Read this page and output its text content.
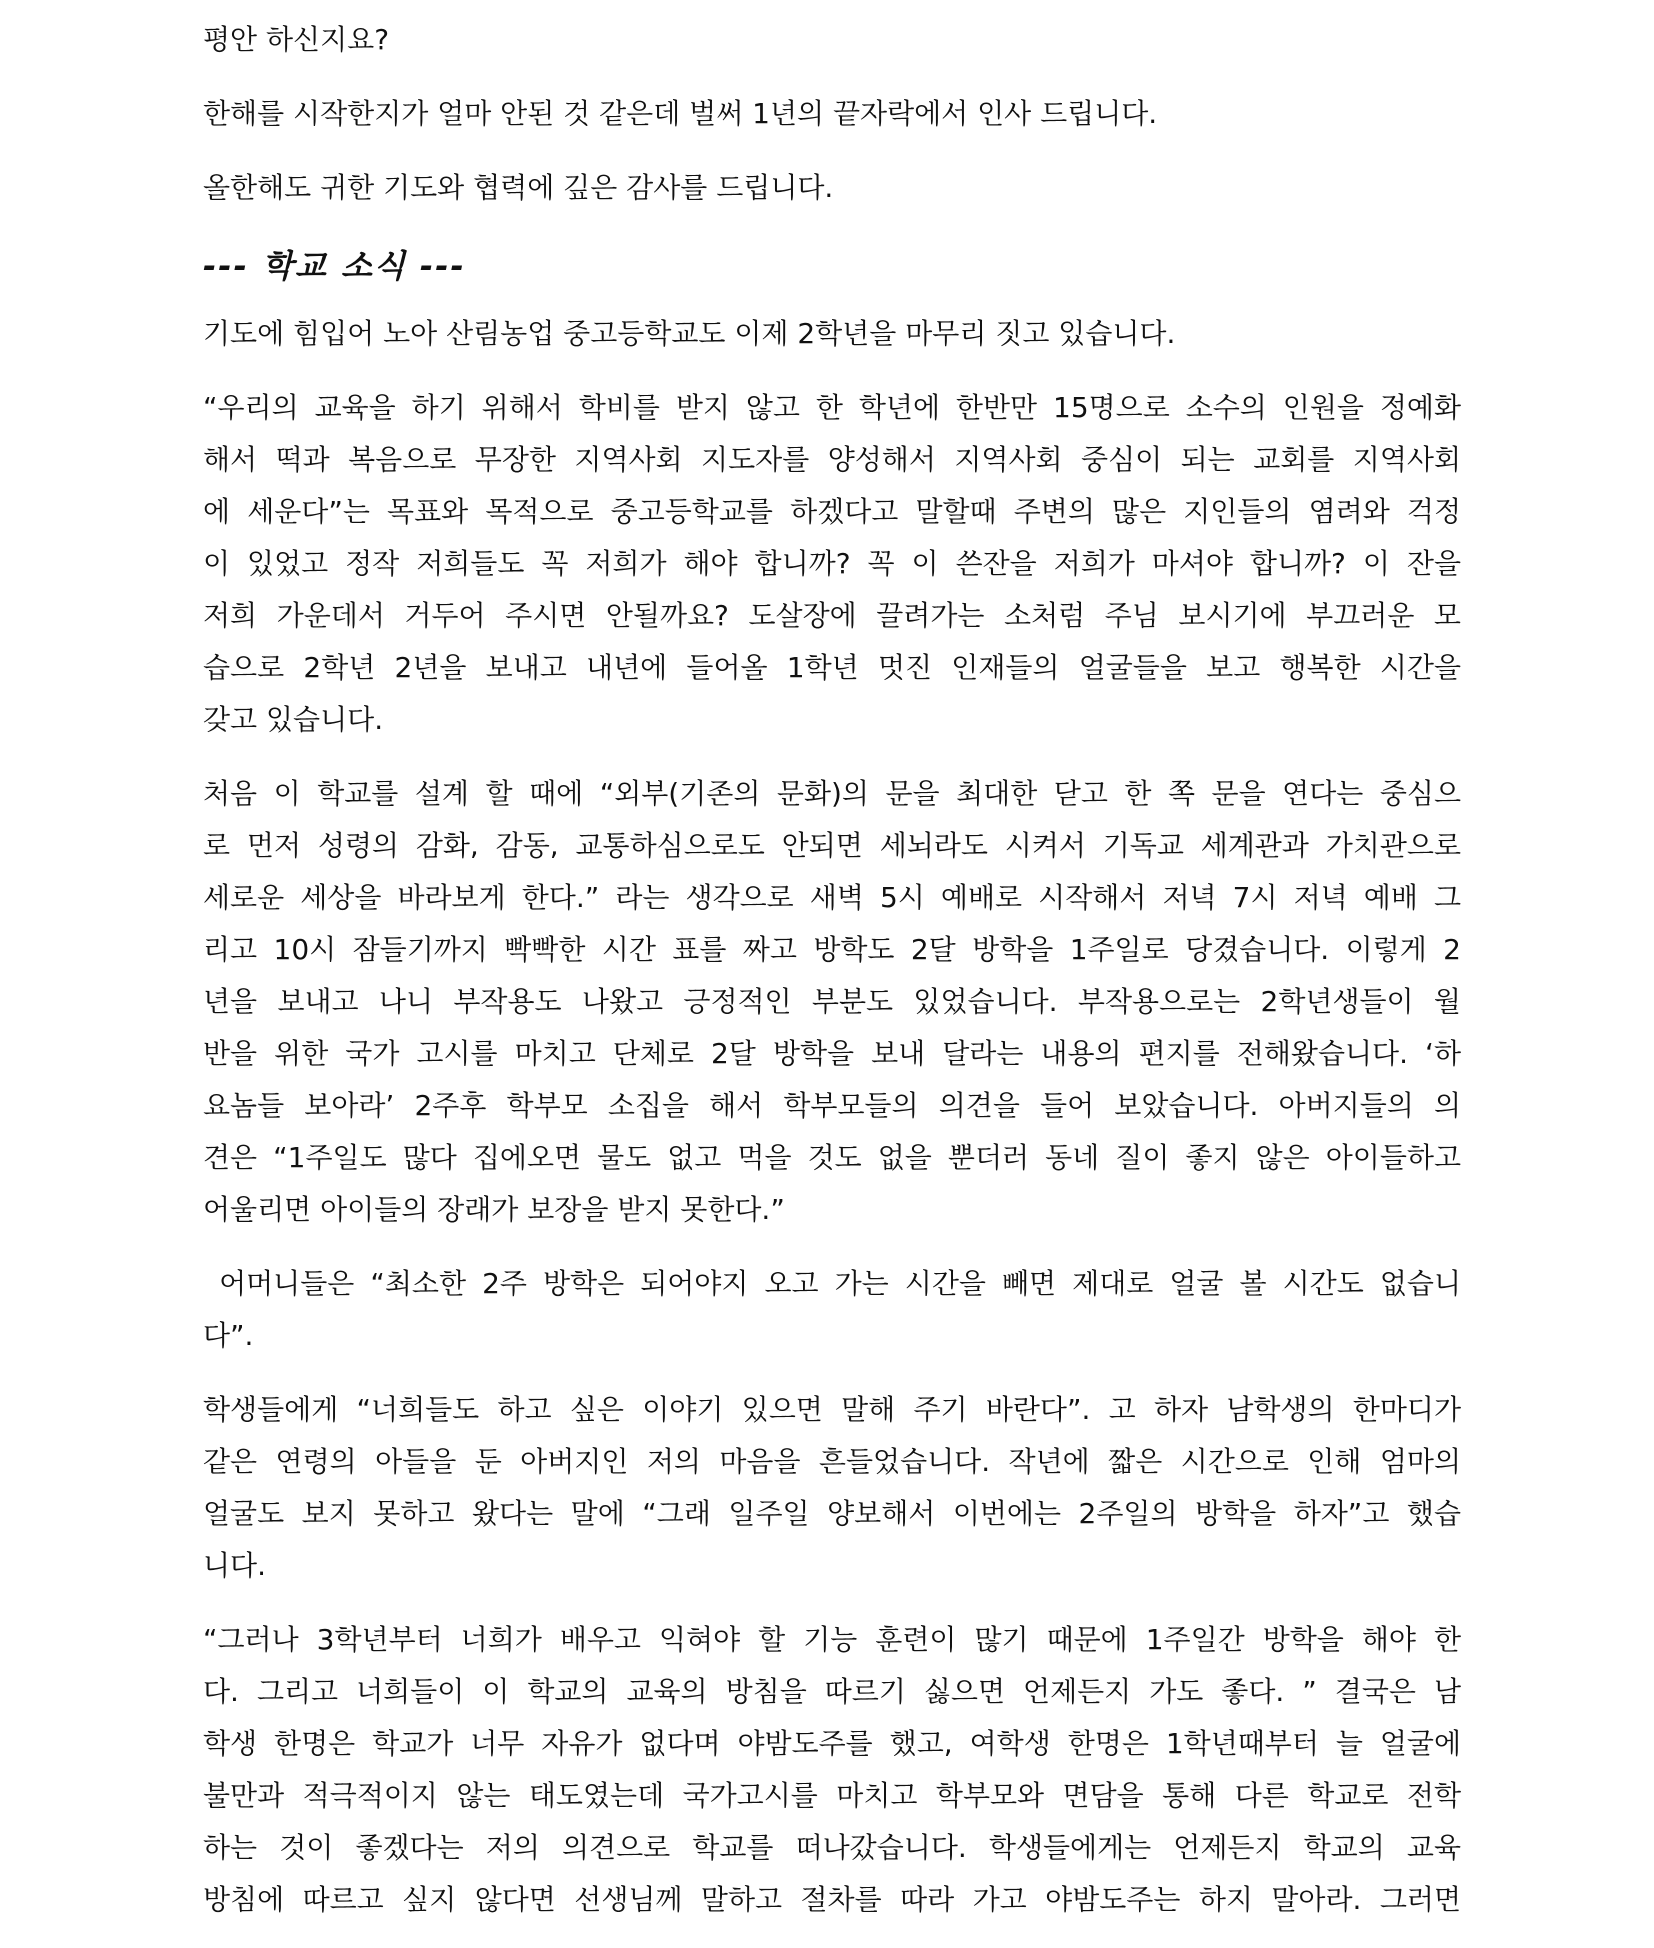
평안 하신지요?

한해를 시작한지가 얼마 안된 것 같은데 벌써 1년의 끝자락에서 인사 드립니다.

올한해도 귀한 기도와 협력에 깊은 감사를 드립니다.

--- 학교 소식 ---

기도에 힘입어 노아 산림농업 중고등학교도 이제 2학년을 마무리 짓고 있습니다.

“우리의 교육을 하기 위해서 학비를 받지 않고 한 학년에 한반만 15명으로 소수의 인원을 정예화

해서 떡과 복음으로 무장한 지역사회 지도자를 양성해서 지역사회 중심이 되는 교회를 지역사회

에 세운다”는 목표와 목적으로 중고등학교를 하겠다고 말할때 주변의 많은 지인들의 염려와 걱정

이 있었고 정작 저희들도 꼭 저희가 해야 합니까? 꼭 이 쓴잔을 저희가 마셔야 합니까? 이 잔을

저희 가운데서 거두어 주시면 안될까요? 도살장에 끌려가는 소처럼 주님 보시기에 부끄러운 모

습으로 2학년 2년을 보내고 내년에 들어올 1학년 멋진 인재들의 얼굴들을 보고 행복한 시간을

갖고 있습니다.

처음 이 학교를 설계 할 때에 “외부(기존의 문화)의 문을 최대한 닫고 한 쪽 문을 연다는 중심으

로 먼저 성령의 감화, 감동, 교통하심으로도 안되면 세뇌라도 시켜서 기독교 세계관과 가치관으로

세로운 세상을 바라보게 한다.” 라는 생각으로 새벽 5시 예배로 시작해서 저녁 7시 저녁 예배 그

리고 10시 잠들기까지 빡빡한 시간 표를 짜고 방학도 2달 방학을 1주일로 당겼습니다. 이렇게 2

년을 보내고 나니 부작용도 나왔고 긍정적인 부분도 있었습니다. 부작용으로는 2학년생들이 월

반을 위한 국가 고시를 마치고 단체로 2달 방학을 보내 달라는 내용의 편지를 전해왔습니다. ‘하

요놈들 보아라’ 2주후 학부모 소집을 해서 학부모들의 의견을 들어 보았습니다. 아버지들의 의

견은 “1주일도 많다 집에오면 물도 없고 먹을 것도 없을 뿐더러 동네 질이 좋지 않은 아이들하고

어울리면 아이들의 장래가 보장을 받지 못한다.”

어머니들은 “최소한 2주 방학은 되어야지 오고 가는 시간을 빼면 제대로 얼굴 볼 시간도 없습니

다”.

학생들에게 “너희들도 하고 싶은 이야기 있으면 말해 주기 바란다”. 고 하자 남학생의 한마디가

같은 연령의 아들을 둔 아버지인 저의 마음을 흔들었습니다. 작년에 짧은 시간으로 인해 엄마의

얼굴도 보지 못하고 왔다는 말에 “그래 일주일 양보해서 이번에는 2주일의 방학을 하자”고 했습

니다.

“그러나 3학년부터 너희가 배우고 익혀야 할 기능 훈련이 많기 때문에 1주일간 방학을 해야 한

다. 그리고 너희들이 이 학교의 교육의 방침을 따르기 싫으면 언제든지 가도 좋다. ” 결국은 남

학생 한명은 학교가 너무 자유가 없다며 야밤도주를 했고, 여학생 한명은 1학년때부터 늘 얼굴에

불만과 적극적이지 않는 태도였는데 국가고시를 마치고 학부모와 면담을 통해 다른 학교로 전학

하는 것이 좋겠다는 저의 의견으로 학교를 떠나갔습니다. 학생들에게는 언제든지 학교의 교육

방침에 따르고 싶지 않다면 선생님께 말하고 절차를 따라 가고 야밤도주는 하지 말아라. 그러면
